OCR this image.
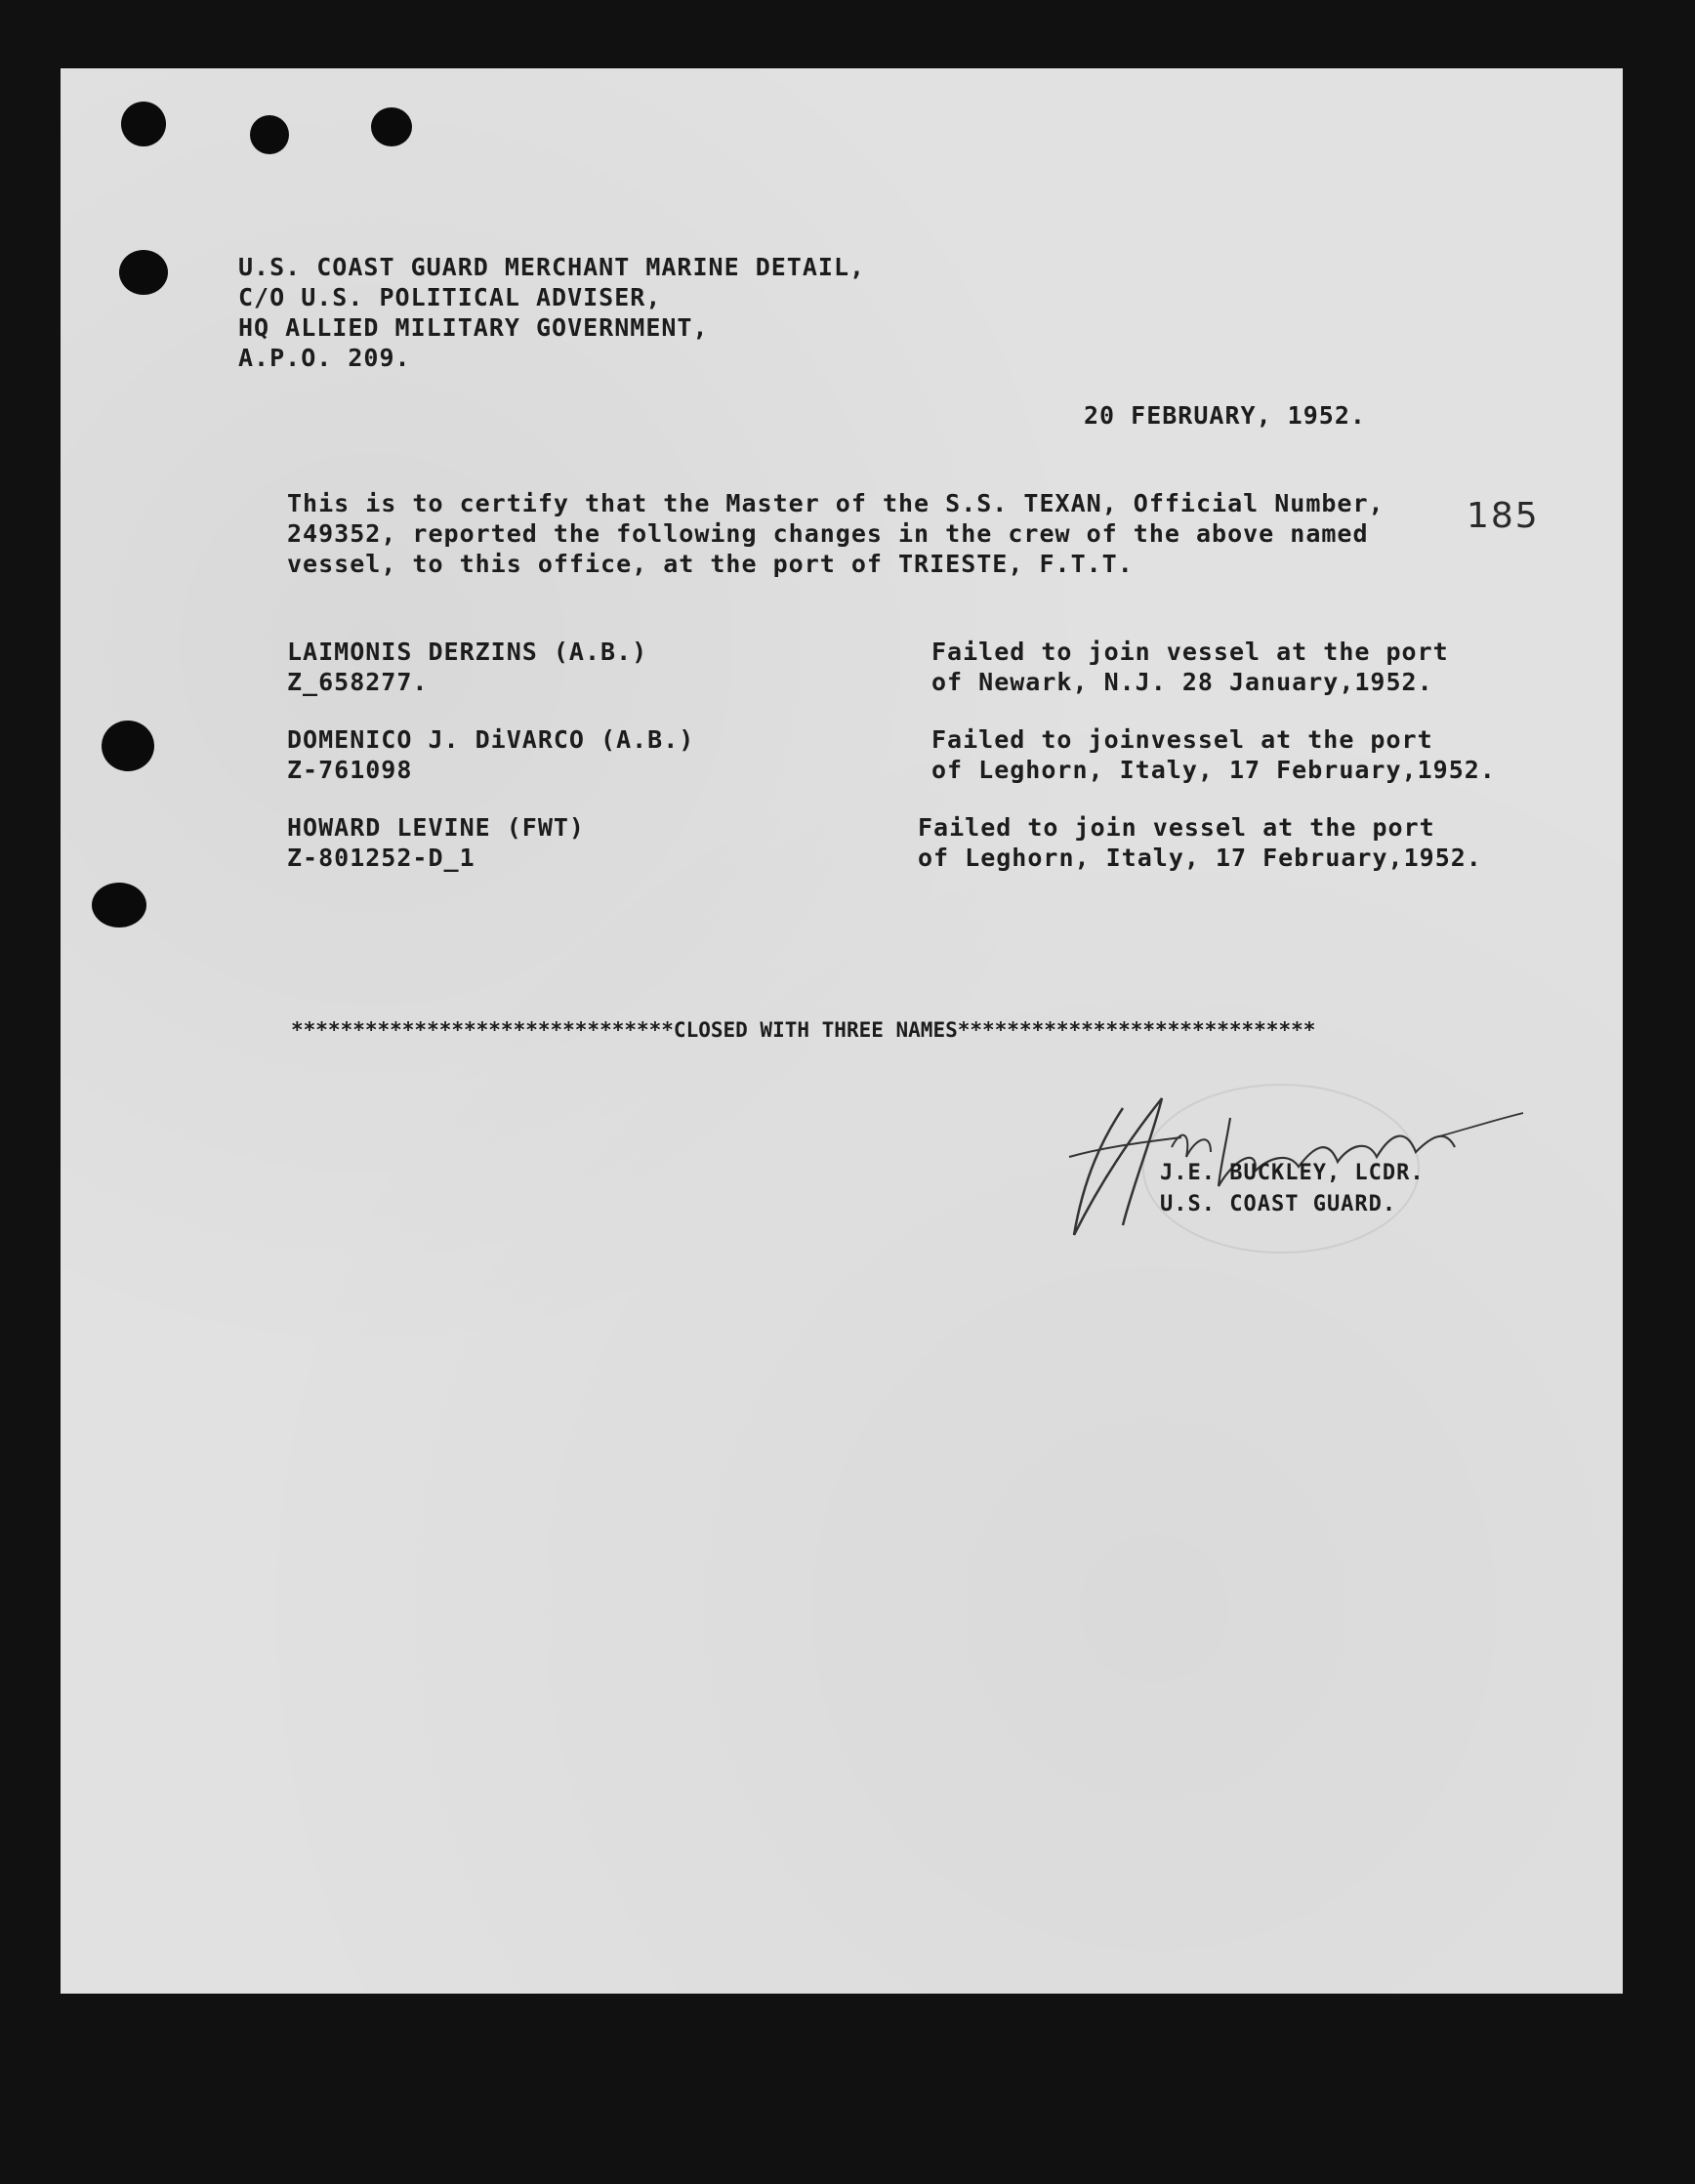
U.S. COAST GUARD MERCHANT MARINE DETAIL,
C/O U.S. POLITICAL ADVISER,
HQ ALLIED MILITARY GOVERNMENT,
A.P.O. 209.
20 FEBRUARY, 1952.
This is to certify that the Master of the S.S. TEXAN, Official Number,
249352, reported the following changes in the crew of the above named
vessel, to this office, at the port of TRIESTE, F.T.T.
185
LAIMONIS DERZINS (A.B.)
Z_658277.
Failed to join vessel at the port
of Newark, N.J. 28 January,1952.
DOMENICO J. DiVARCO (A.B.)
Z-761098
Failed to joinvessel at the port
of Leghorn, Italy, 17 February,1952.
HOWARD LEVINE (FWT)
Z-801252-D_1
Failed to join vessel at the port
of Leghorn, Italy, 17 February,1952.
*******************************CLOSED WITH THREE NAMES*****************************
J.E. BUCKLEY, LCDR.
U.S. COAST GUARD.
